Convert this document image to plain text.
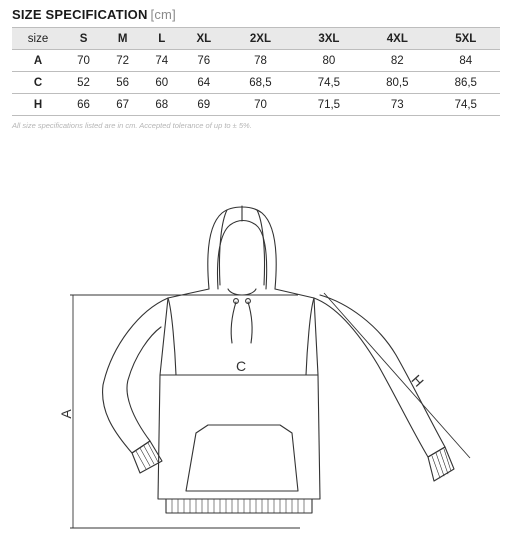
SIZE SPECIFICATION [cm]
size	S	M	L	XL	2XL	3XL	4XL	5XL
A	70	72	74	76	78	80	82	84
C	52	56	60	64	68,5	74,5	80,5	86,5
H	66	67	68	69	70	71,5	73	74,5
All size specifications listed are in cm. Accepted tolerance of up to ± 5%.
A
C
H
